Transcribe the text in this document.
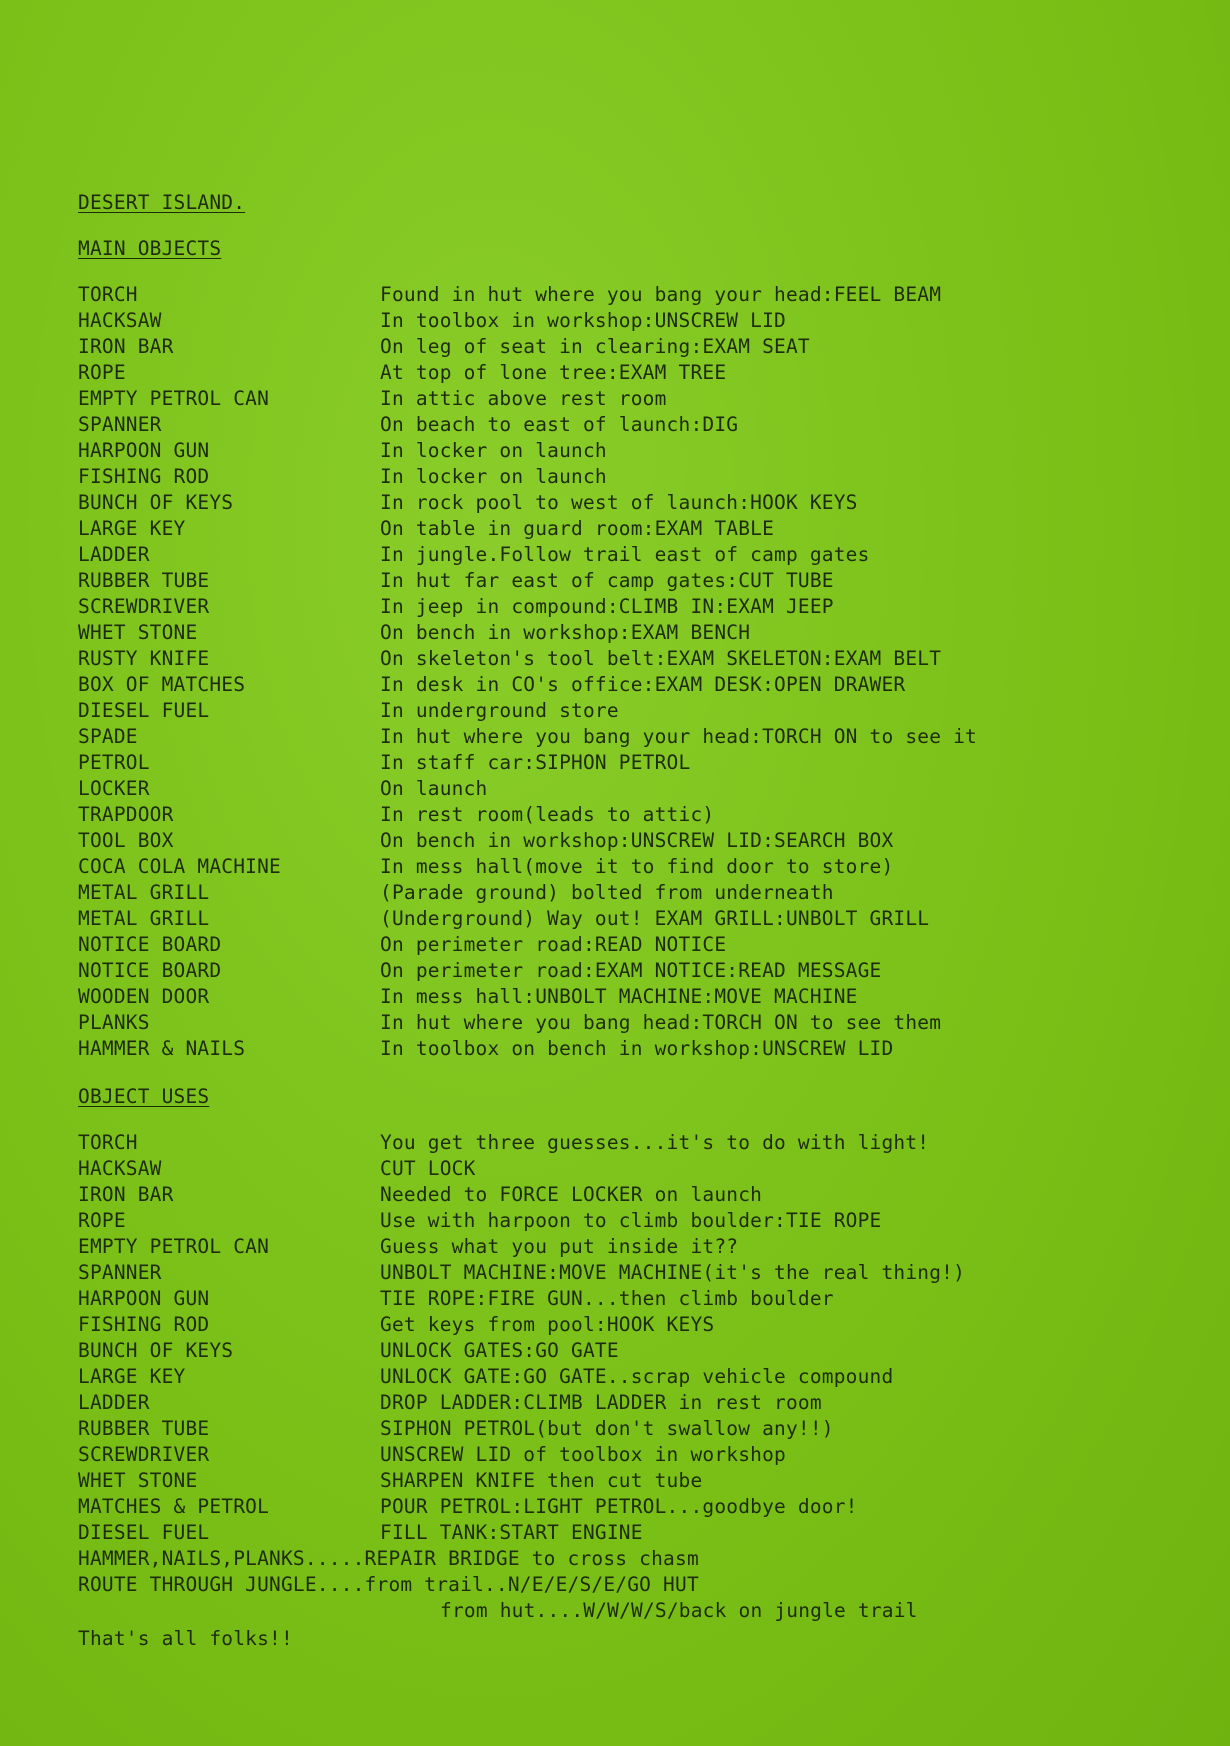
DESERT ISLAND.
MAIN OBJECTS
TORCH	Found in hut where you bang your head:FEEL BEAM
HACKSAW	In toolbox in workshop:UNSCREW LID
IRON BAR	On leg of seat in clearing:EXAM SEAT
ROPE	At top of lone tree:EXAM TREE
EMPTY PETROL CAN	In attic above rest room
SPANNER	On beach to east of launch:DIG
HARPOON GUN	In locker on launch
FISHING ROD	In locker on launch
BUNCH OF KEYS	In rock pool to west of launch:HOOK KEYS
LARGE KEY	On table in guard room:EXAM TABLE
LADDER	In jungle.Follow trail east of camp gates
RUBBER TUBE	In hut far east of camp gates:CUT TUBE
SCREWDRIVER	In jeep in compound:CLIMB IN:EXAM JEEP
WHET STONE	On bench in workshop:EXAM BENCH
RUSTY KNIFE	On skeleton's tool belt:EXAM SKELETON:EXAM BELT
BOX OF MATCHES	In desk in CO's office:EXAM DESK:OPEN DRAWER
DIESEL FUEL	In underground store
SPADE	In hut where you bang your head:TORCH ON to see it
PETROL	In staff car:SIPHON PETROL
LOCKER	On launch
TRAPDOOR	In rest room(leads to attic)
TOOL BOX	On bench in workshop:UNSCREW LID:SEARCH BOX
COCA COLA MACHINE	In mess hall(move it to find door to store)
METAL GRILL	(Parade ground) bolted from underneath
METAL GRILL	(Underground) Way out! EXAM GRILL:UNBOLT GRILL
NOTICE BOARD	On perimeter road:READ NOTICE
NOTICE BOARD	On perimeter road:EXAM NOTICE:READ MESSAGE
WOODEN DOOR	In mess hall:UNBOLT MACHINE:MOVE MACHINE
PLANKS	In hut where you bang head:TORCH ON to see them
HAMMER & NAILS	In toolbox on bench in workshop:UNSCREW LID
OBJECT USES
TORCH	You get three guesses...it's to do with light!
HACKSAW	CUT LOCK
IRON BAR	Needed to FORCE LOCKER on launch
ROPE	Use with harpoon to climb boulder:TIE ROPE
EMPTY PETROL CAN	Guess what you put inside it??
SPANNER	UNBOLT MACHINE:MOVE MACHINE(it's the real thing!)
HARPOON GUN	TIE ROPE:FIRE GUN...then climb boulder
FISHING ROD	Get keys from pool:HOOK KEYS
BUNCH OF KEYS	UNLOCK GATES:GO GATE
LARGE KEY	UNLOCK GATE:GO GATE..scrap vehicle compound
LADDER	DROP LADDER:CLIMB LADDER in rest room
RUBBER TUBE	SIPHON PETROL(but don't swallow any!!)
SCREWDRIVER	UNSCREW LID of toolbox in workshop
WHET STONE	SHARPEN KNIFE then cut tube
MATCHES & PETROL	POUR PETROL:LIGHT PETROL...goodbye door!
DIESEL FUEL	FILL TANK:START ENGINE
HAMMER,NAILS,PLANKS.....REPAIR BRIDGE to cross chasm
ROUTE THROUGH JUNGLE....from trail..N/E/E/S/E/GO HUT
from hut....W/W/W/S/back on jungle trail
That's all folks!!
